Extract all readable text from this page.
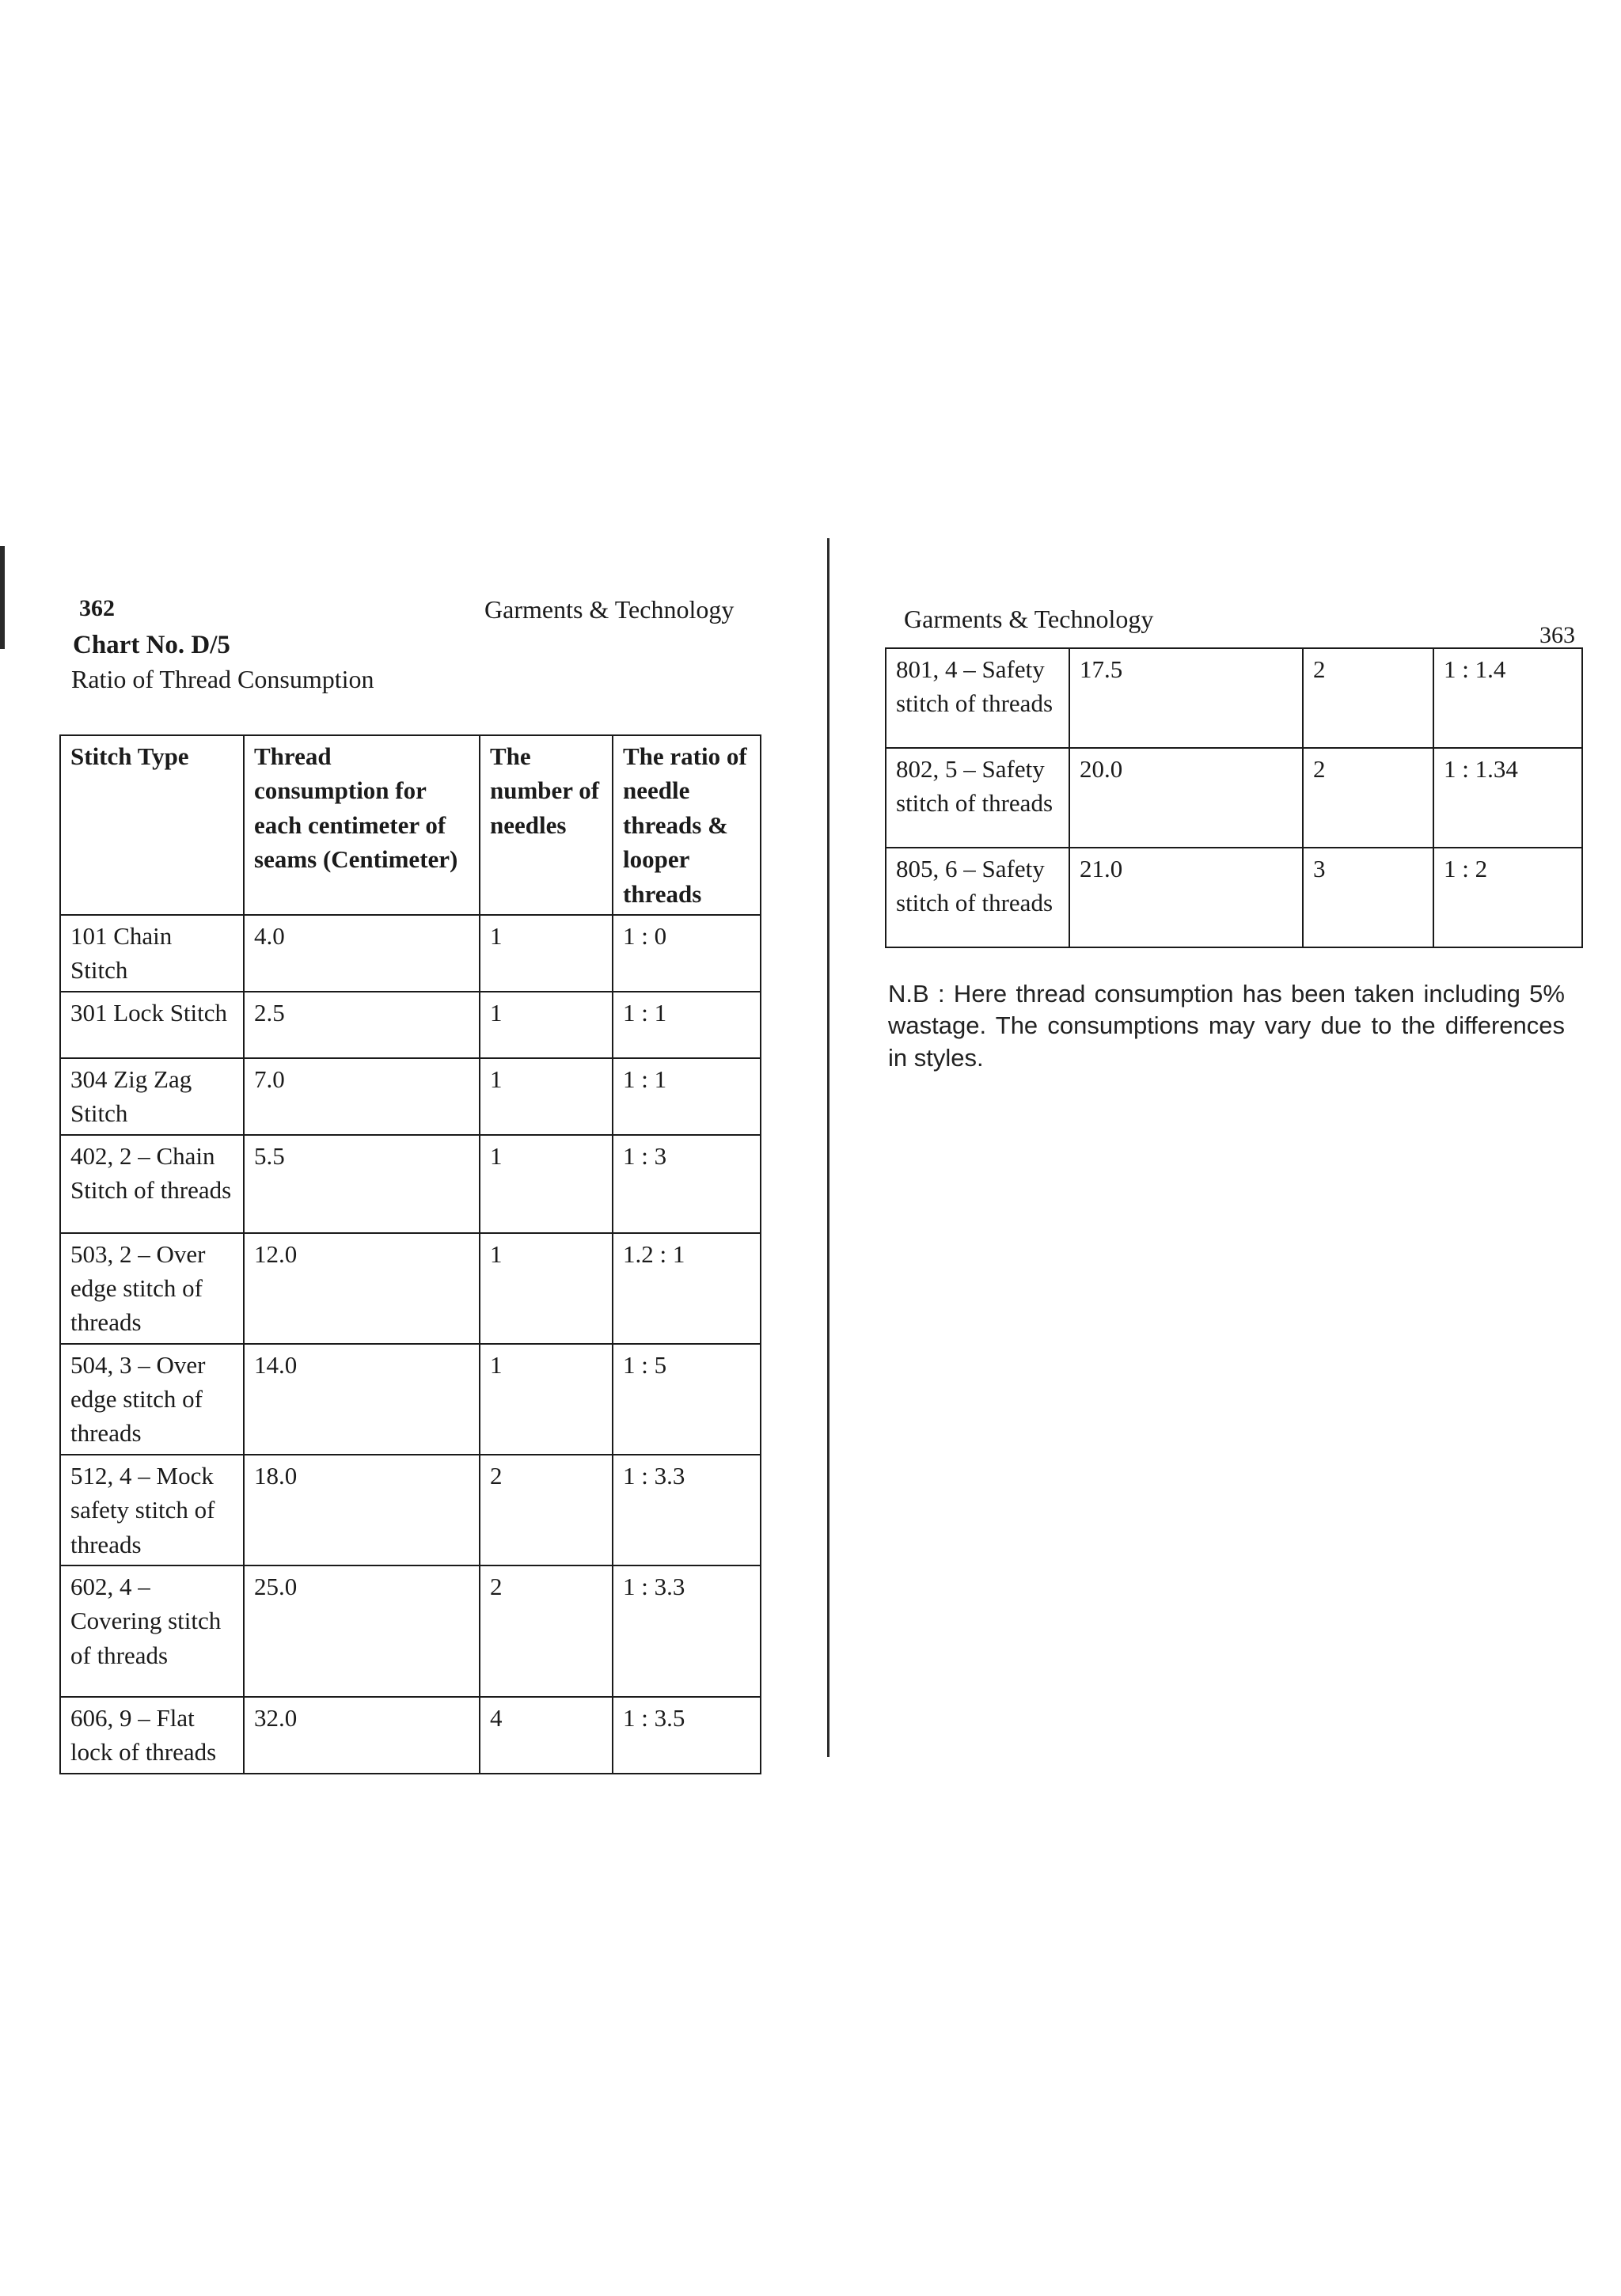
362	Garments & Technology
Chart No. D/5
Ratio of Thread Consumption
Stitch Type	Thread consumption for each centimeter of seams (Centimeter)	The number of needles	The ratio of needle threads & looper threads
101 Chain Stitch	4.0	1	1 : 0
301 Lock Stitch	2.5	1	1 : 1
304 Zig Zag Stitch	7.0	1	1 : 1
402, 2 – Chain Stitch of threads	5.5	1	1 : 3
503, 2 – Over edge stitch of threads	12.0	1	1.2 : 1
504, 3 – Over edge stitch of threads	14.0	1	1 : 5
512, 4 – Mock safety stitch of threads	18.0	2	1 : 3.3
602, 4 – Covering stitch of threads	25.0	2	1 : 3.3
606, 9 – Flat lock of threads	32.0	4	1 : 3.5
Garments & Technology
363
801, 4 – Safety stitch of threads	17.5	2	1 : 1.4
802, 5 – Safety stitch of threads	20.0	2	1 : 1.34
805, 6 – Safety stitch of threads	21.0	3	1 : 2
N.B : Here thread consumption has been taken including 5% wastage. The consumptions may vary due to the differences in styles.
